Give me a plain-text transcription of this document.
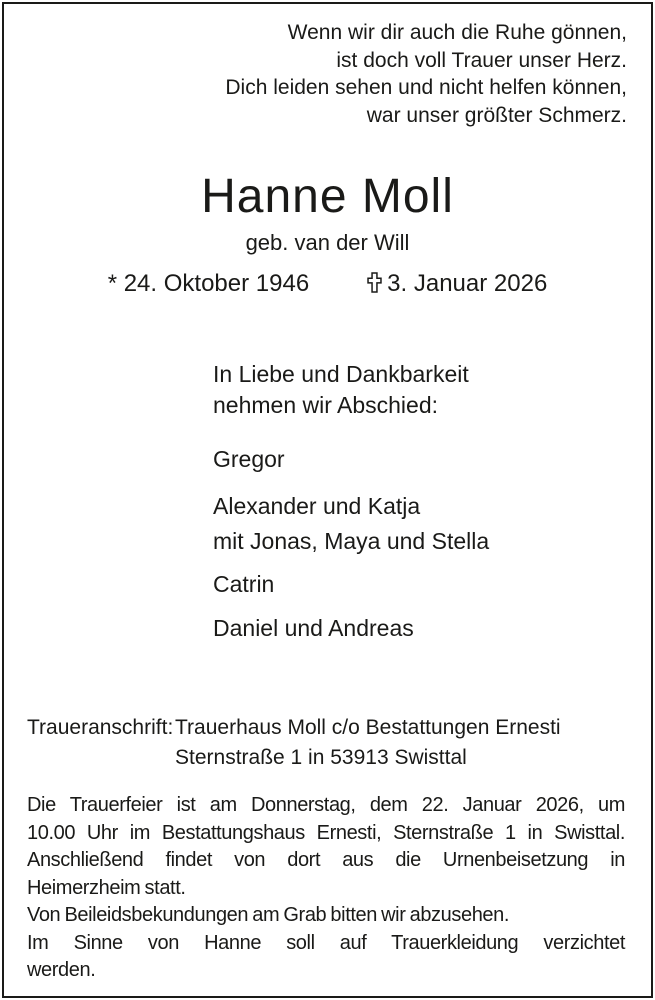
Wenn wir dir auch die Ruhe gönnen,
ist doch voll Trauer unser Herz.
Dich leiden sehen und nicht helfen können,
war unser größter Schmerz.
Hanne Moll
geb. van der Will
* 24. Oktober 1946	3. Januar 2026
In Liebe und Dankbarkeit
nehmen wir Abschied:
Gregor
Alexander und Katja
mit Jonas, Maya und Stella
Catrin
Daniel und Andreas
Traueranschrift: Trauerhaus Moll c/o Bestattungen Ernesti
Sternstraße 1 in 53913 Swisttal
Die Trauerfeier ist am Donnerstag, dem 22. Januar 2026, um
10.00 Uhr im Bestattungshaus Ernesti, Sternstraße 1 in Swisttal.
Anschließend findet von dort aus die Urnenbeisetzung in
Heimerzheim statt.
Von Beileidsbekundungen am Grab bitten wir abzusehen.
Im Sinne von Hanne soll auf Trauerkleidung verzichtet
werden.
